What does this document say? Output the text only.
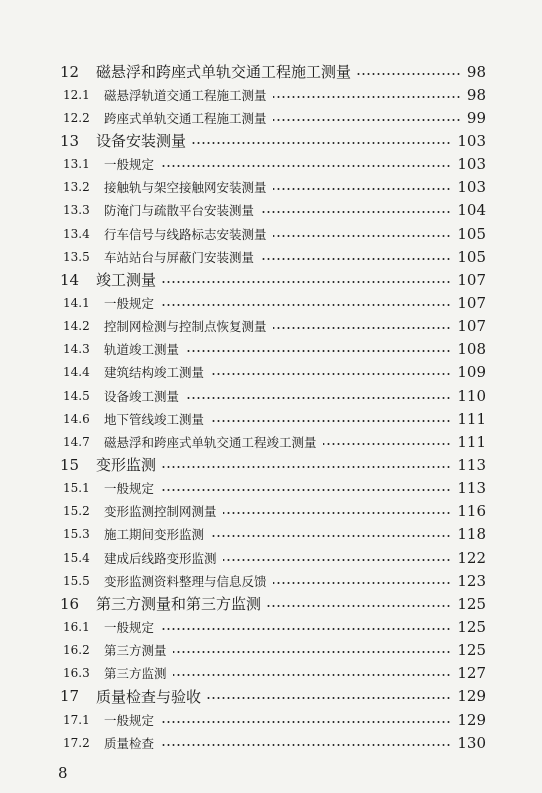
12 磁悬浮和跨座式单轨交通工程施工测量	98
12.1 磁悬浮轨道交通工程施工测量	98
12.2 跨座式单轨交通工程施工测量	99
13 设备安装测量	103
13.1 一般规定	103
13.2 接触轨与架空接触网安装测量	103
13.3 防淹门与疏散平台安装测量	104
13.4 行车信号与线路标志安装测量	105
13.5 车站站台与屏蔽门安装测量	105
14 竣工测量	107
14.1 一般规定	107
14.2 控制网检测与控制点恢复测量	107
14.3 轨道竣工测量	108
14.4 建筑结构竣工测量	109
14.5 设备竣工测量	110
14.6 地下管线竣工测量	111
14.7 磁悬浮和跨座式单轨交通工程竣工测量	111
15 变形监测	113
15.1 一般规定	113
15.2 变形监测控制网测量	116
15.3 施工期间变形监测	118
15.4 建成后线路变形监测	122
15.5 变形监测资料整理与信息反馈	123
16 第三方测量和第三方监测	125
16.1 一般规定	125
16.2 第三方测量	125
16.3 第三方监测	127
17 质量检查与验收	129
17.1 一般规定	129
17.2 质量检查	130
8
